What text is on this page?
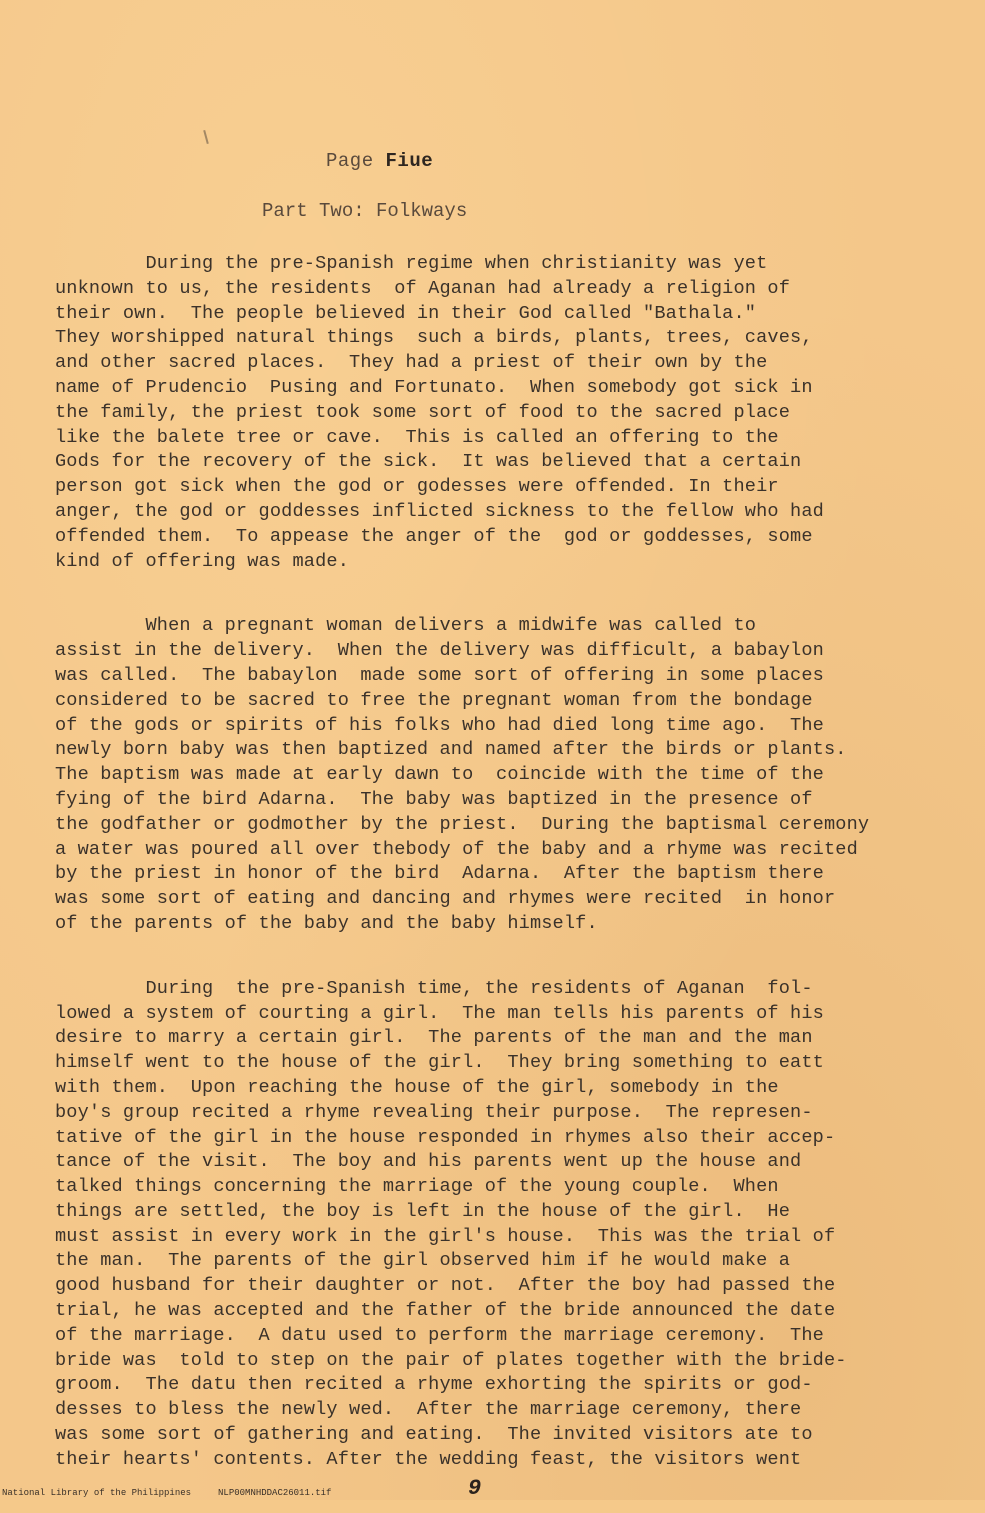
Page Fiue
Part Two: Folkways
During the pre-Spanish regime when christianity was yet
unknown to us, the residents  of Aganan had already a religion of
their own.  The people believed in their God called "Bathala."
They worshipped natural things  such a birds, plants, trees, caves,
and other sacred places.  They had a priest of their own by the
name of Prudencio  Pusing and Fortunato.  When somebody got sick in
the family, the priest took some sort of food to the sacred place
like the balete tree or cave.  This is called an offering to the
Gods for the recovery of the sick.  It was believed that a certain
person got sick when the god or godesses were offended. In their
anger, the god or goddesses inflicted sickness to the fellow who had
offended them.  To appease the anger of the  god or goddesses, some
kind of offering was made.
When a pregnant woman delivers a midwife was called to
assist in the delivery.  When the delivery was difficult, a babaylon
was called.  The babaylon  made some sort of offering in some places
considered to be sacred to free the pregnant woman from the bondage
of the gods or spirits of his folks who had died long time ago.  The
newly born baby was then baptized and named after the birds or plants.
The baptism was made at early dawn to  coincide with the time of the
fying of the bird Adarna.  The baby was baptized in the presence of
the godfather or godmother by the priest.  During the baptismal ceremony
a water was poured all over thebody of the baby and a rhyme was recited
by the priest in honor of the bird  Adarna.  After the baptism there
was some sort of eating and dancing and rhymes were recited  in honor
of the parents of the baby and the baby himself.
During  the pre-Spanish time, the residents of Aganan  fol-
lowed a system of courting a girl.  The man tells his parents of his
desire to marry a certain girl.  The parents of the man and the man
himself went to the house of the girl.  They bring something to eatt
with them.  Upon reaching the house of the girl, somebody in the
boy's group recited a rhyme revealing their purpose.  The represen-
tative of the girl in the house responded in rhymes also their accep-
tance of the visit.  The boy and his parents went up the house and
talked things concerning the marriage of the young couple.  When
things are settled, the boy is left in the house of the girl.  He
must assist in every work in the girl's house.  This was the trial of
the man.  The parents of the girl observed him if he would make a
good husband for their daughter or not.  After the boy had passed the
trial, he was accepted and the father of the bride announced the date
of the marriage.  A datu used to perform the marriage ceremony.  The
bride was  told to step on the pair of plates together with the bride-
groom.  The datu then recited a rhyme exhorting the spirits or god-
desses to bless the newly wed.  After the marriage ceremony, there
was some sort of gathering and eating.  The invited visitors ate to
their hearts' contents. After the wedding feast, the visitors went
9
National Library of the Philippines     NLP00MNHDDAC26011.tif
